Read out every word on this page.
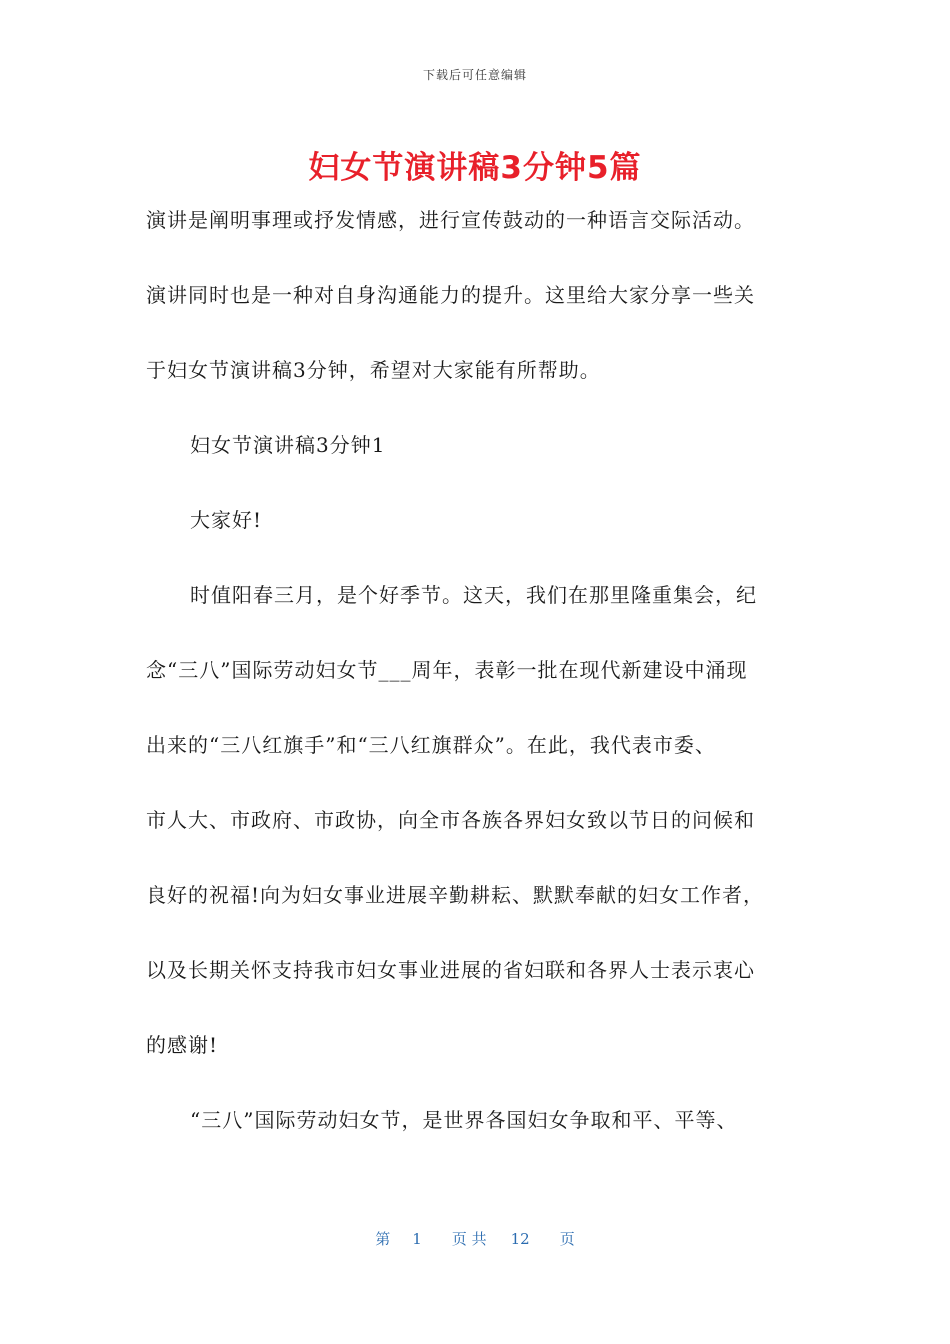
下载后可任意编辑
妇女节演讲稿3分钟5篇

演讲是阐明事理或抒发情感，进行宣传鼓动的一种语言交际活动。

演讲同时也是一种对自身沟通能力的提升。这里给大家分享一些关

于妇女节演讲稿3分钟，希望对大家能有所帮助。

妇女节演讲稿3分钟1

大家好!

时值阳春三月，是个好季节。这天，我们在那里隆重集会，纪

念“三八”国际劳动妇女节___周年，表彰一批在现代新建设中涌现

出来的“三八红旗手”和“三八红旗群众”。在此，我代表市委、

市人大、市政府、市政协，向全市各族各界妇女致以节日的问候和

良好的祝福!向为妇女事业进展辛勤耕耘、默默奉献的妇女工作者，

以及长期关怀支持我市妇女事业进展的省妇联和各界人士表示衷心

的感谢!

“三八”国际劳动妇女节，是世界各国妇女争取和平、平等、

第 1 页 共 12 页
